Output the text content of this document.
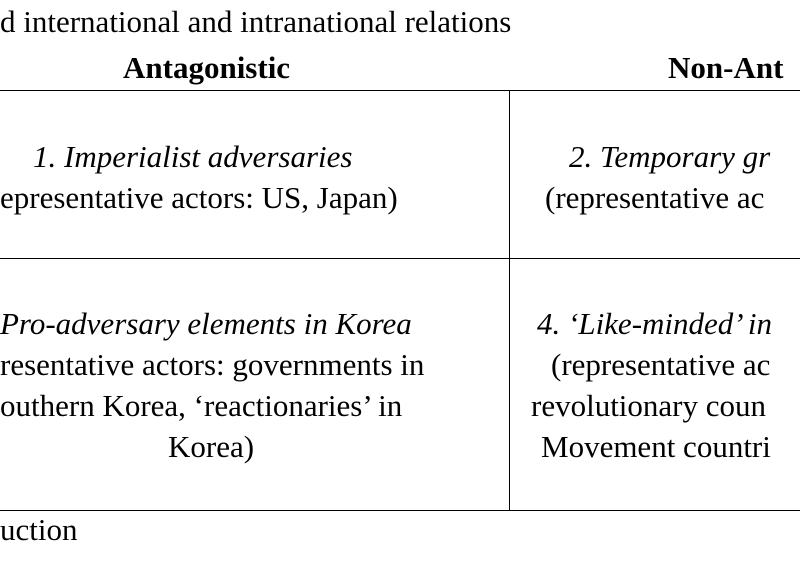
d international and intranational relations
Antagonistic	Non-Ant
1. Imperialist adversaries
epresentative actors: US, Japan)
2. Temporary gr
(representative ac
Pro-adversary elements in Korea
resentative actors: governments in
outhern Korea, ‘reactionaries’ in
Korea)
4. ‘Like-minded’ in
(representative ac
revolutionary coun
Movement countri
uction
